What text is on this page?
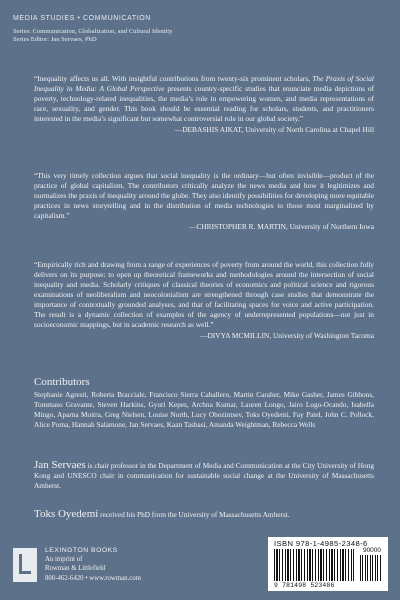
MEDIA STUDIES • COMMUNICATION
Series: Communication, Globalization, and Cultural Identity
Series Editor: Jan Servaes, PhD

“Inequality affects us all. With insightful contributions from twenty-six prominent scholars, The Praxis of Social Inequality in Media: A Global Perspective presents country-specific studies that enunciate media depictions of poverty, technology-related inequalities, the media’s role in empowering women, and media representations of race, sexuality, and gender. This book should be essential reading for scholars, students, and practitioners interested in the media’s significant but somewhat controversial role in our global society.”

—DEBASHIS AIKAT, University of North Carolina at Chapel Hill

“This very timely collection argues that social inequality is the ordinary—but often invisible—product of the practice of global capitalism. The contributors critically analyze the news media and how it legitimizes and normalizes the praxis of inequality around the globe. They also identify possibilities for developing more equitable practices in news storytelling and in the distribution of media technologies to those most marginalized by capitalism.”

—CHRISTOPHER R. MARTIN, University of Northern Iowa

“Empirically rich and drawing from a range of experiences of poverty from around the world, this collection fully delivers on its purpose: to open up theoretical frameworks and methodologies around the intersection of social inequality and media. Scholarly critiques of classical theories of economics and political science and rigorous examinations of neoliberalism and neocolonialism are strengthened through case studies that demonstrate the importance of contextually grounded analyses, and that of facilitating spaces for voice and active participation. The result is a dynamic collection of examples of the agency of underrepresented populations—not just in socioeconomic mappings, but in academic research as well.”

—DIVYA MCMILLIN, University of Washington Tacoma
Contributors
Stephanie Agresti, Roberta Bracciale, Francisco Sierra Caballero, Martin Caraher, Mike Gasher, James Gibbons, Tommaso Gravante, Steven Harkins, Gyuri Kepes, Archna Kumar, Lauren Longo, Jairo Lugo-Ocando, Isabella Mingo, Aparna Moitra, Greg Nielsen, Louise North, Lucy Obozintsev, Toks Oyedemi, Fay Patel, John C. Pollock, Alice Poma, Hannah Salamone, Jan Servaes, Kaan Tasbasi, Amanda Weightman, Rebecca Wells
Jan Servaes is chair professor in the Department of Media and Communication at the City University of Hong Kong and UNESCO chair in communication for sustainable social change at the University of Massachusetts Amherst.
Toks Oyedemi received his PhD from the University of Massachusetts Amherst.
LEXINGTON BOOKS
An imprint of
Rowman & Littlefield
800-462-6420 • www.rowman.com
ISBN 978-1-4985-2348-6
90000
9 781498 523486
